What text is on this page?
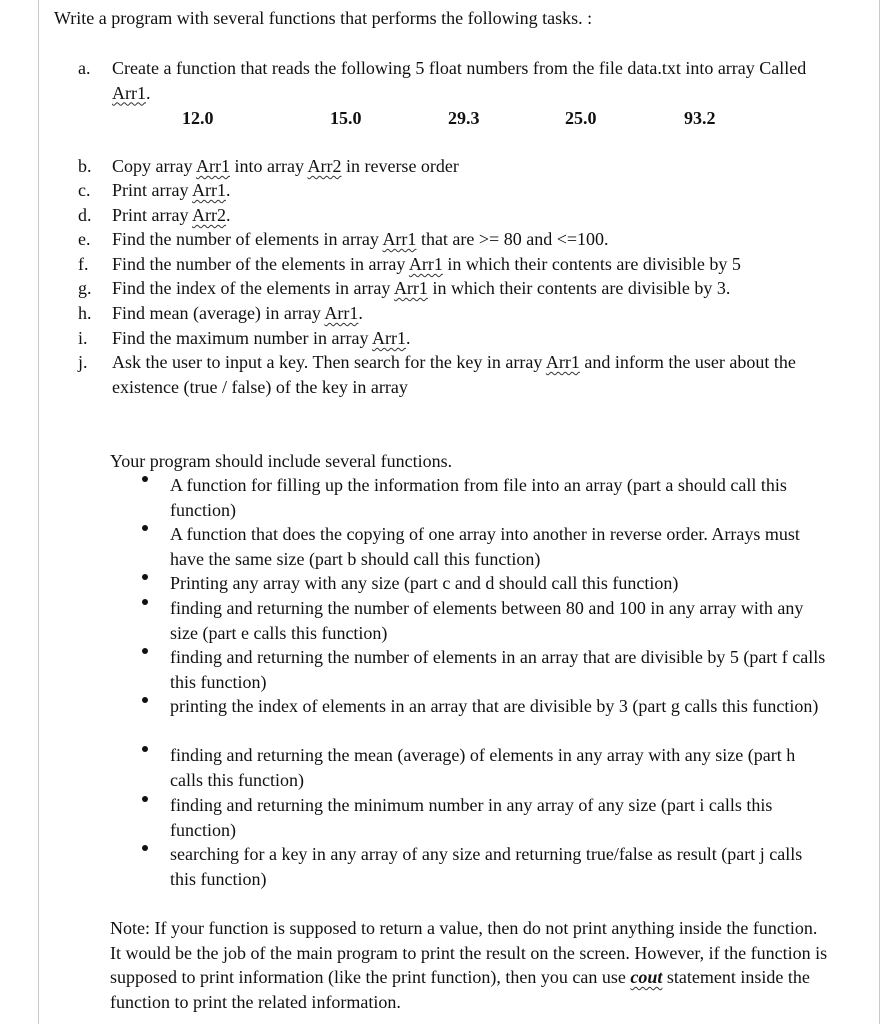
Write a program with several functions that performs the following tasks. :
a.	Create a function that reads the following 5 float numbers from the file data.txt into array Called Arr1.
12.0	15.0	29.3	25.0	93.2
b.	Copy array Arr1 into array Arr2 in reverse order
c.	Print array Arr1.
d.	Print array Arr2.
e.	Find the number of elements in array Arr1 that are >= 80 and <=100.
f.	Find the number of the elements in array Arr1 in which their contents are divisible by 5
g.	Find the index of the elements in array Arr1 in which their contents are divisible by 3.
h.	Find mean (average) in array Arr1.
i.	Find the maximum number in array Arr1.
j.	Ask the user to input a key. Then search for the key in array Arr1 and inform the user about the existence (true / false) of the key in array
Your program should include several functions.
A function for filling up the information from file into an array (part a should call this function)
A function that does the copying of one array into another in reverse order. Arrays must have the same size (part b should call this function)
Printing any array with any size (part c and d should call this function)
finding and returning the number of elements between 80 and 100 in any array with any size (part e calls this function)
finding and returning the number of elements in an array that are divisible by 5 (part f calls this function)
printing the index of elements in an array that are divisible by 3 (part g calls this function)
finding and returning the mean (average) of elements in any array with any size (part h calls this function)
finding and returning the minimum number in any array of any size (part i calls this function)
searching for a key in any array of any size and returning true/false as result (part j calls this function)
Note: If your function is supposed to return a value, then do not print anything inside the function. It would be the job of the main program to print the result on the screen. However, if the function is supposed to print information (like the print function), then you can use cout statement inside the function to print the related information.
